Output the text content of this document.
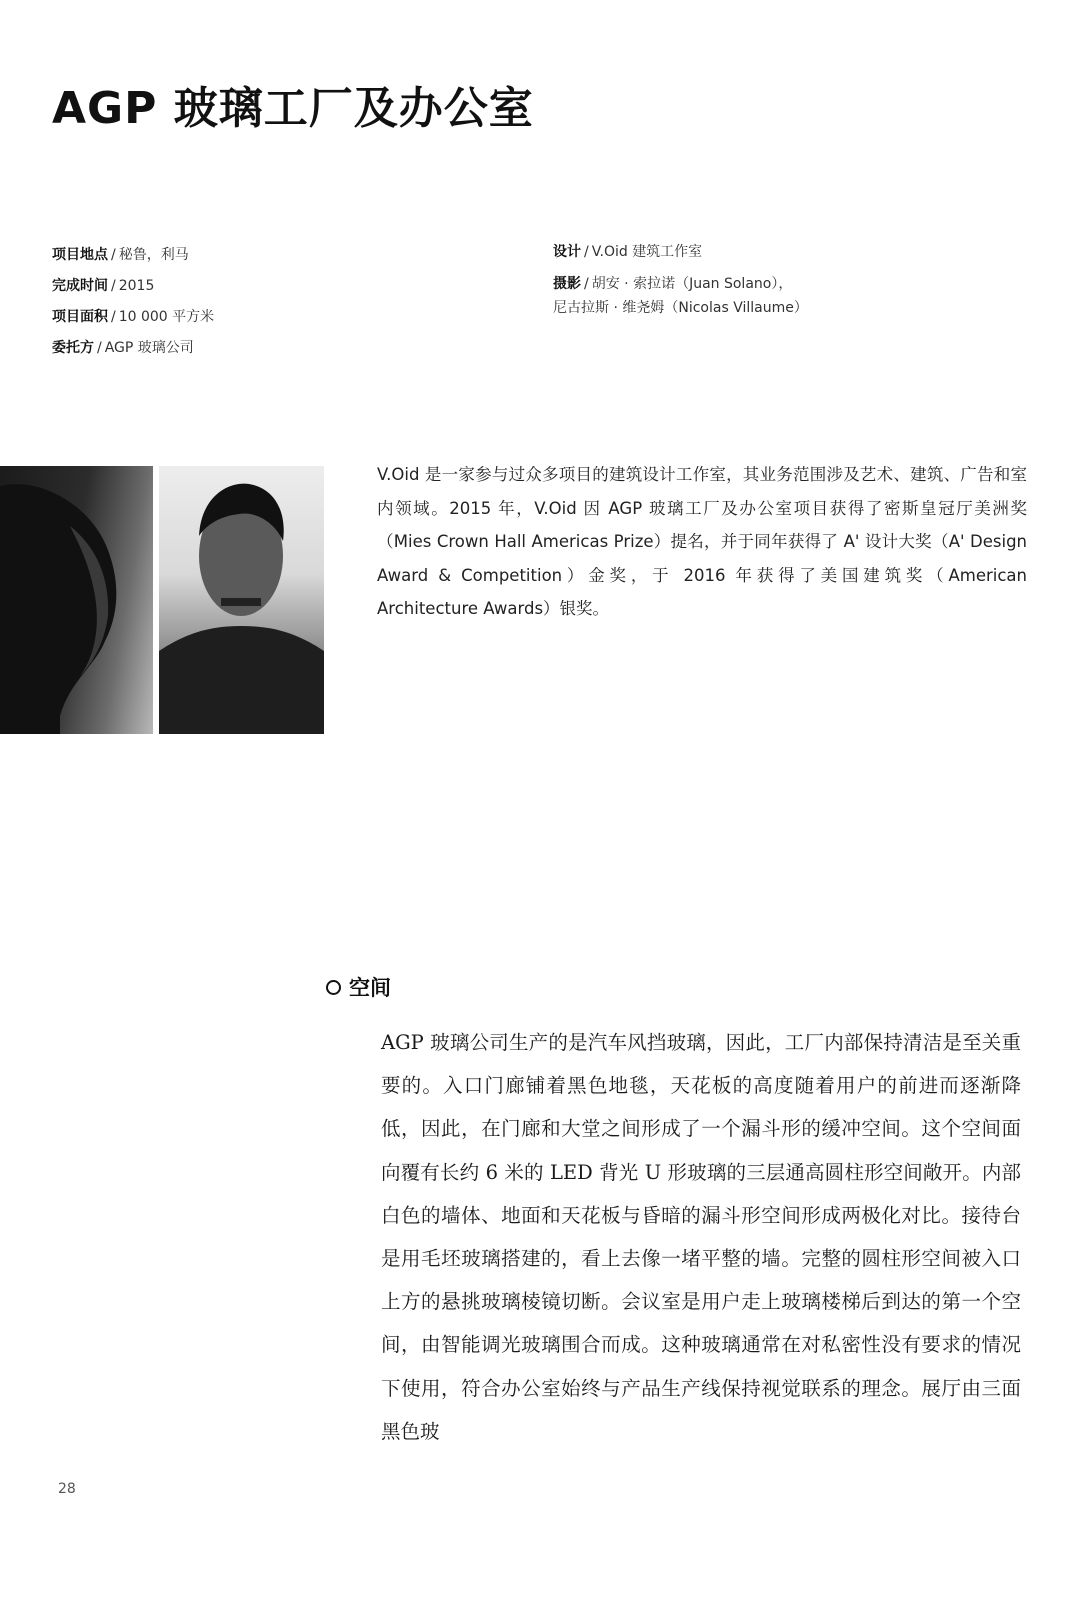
AGP 玻璃工厂及办公室
项目地点 / 秘鲁，利马
完成时间 / 2015
项目面积 / 10 000 平方米
委托方 / AGP 玻璃公司
设计 / V.Oid 建筑工作室
摄影 / 胡安 · 索拉诺（Juan Solano），
尼古拉斯 · 维尧姆（Nicolas Villaume）

V.Oid 是一家参与过众多项目的建筑设计工作室，其业务范围涉及艺术、建筑、广告和室内领域。2015 年，V.Oid 因 AGP 玻璃工厂及办公室项目获得了密斯皇冠厅美洲奖（Mies Crown Hall Americas Prize）提名，并于同年获得了 A' 设计大奖（A' Design Award & Competition）金奖，于 2016 年获得了美国建筑奖（American Architecture Awards）银奖。

空间

AGP 玻璃公司生产的是汽车风挡玻璃，因此，工厂内部保持清洁是至关重要的。入口门廊铺着黑色地毯，天花板的高度随着用户的前进而逐渐降低，因此，在门廊和大堂之间形成了一个漏斗形的缓冲空间。这个空间面向覆有长约 6 米的 LED 背光 U 形玻璃的三层通高圆柱形空间敞开。内部白色的墙体、地面和天花板与昏暗的漏斗形空间形成两极化对比。接待台是用毛坯玻璃搭建的，看上去像一堵平整的墙。完整的圆柱形空间被入口上方的悬挑玻璃棱镜切断。会议室是用户走上玻璃楼梯后到达的第一个空间，由智能调光玻璃围合而成。这种玻璃通常在对私密性没有要求的情况下使用，符合办公室始终与产品生产线保持视觉联系的理念。展厅由三面黑色玻

28
